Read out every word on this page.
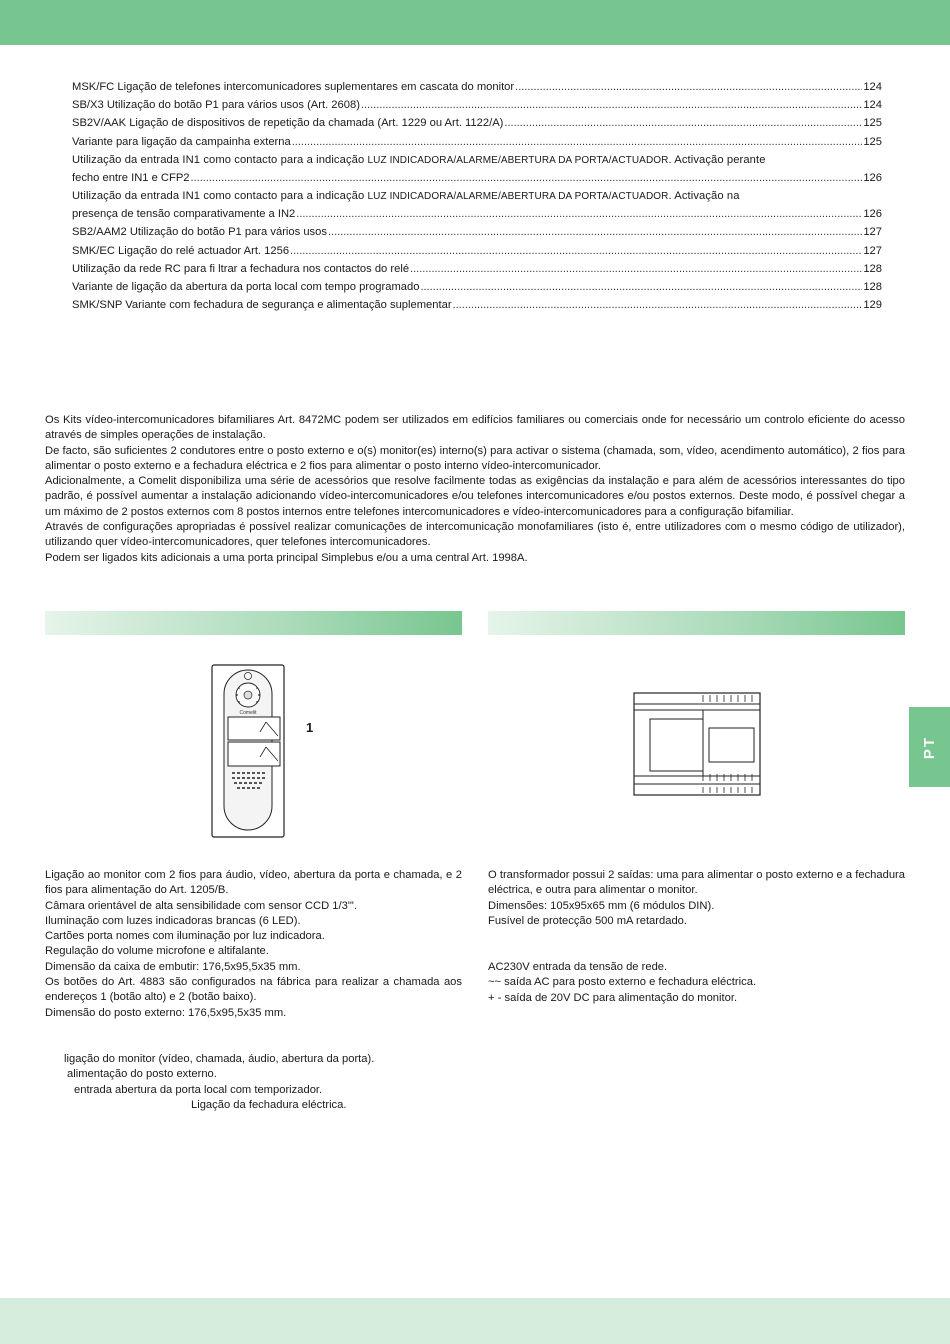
MSK/FC Ligação de telefones intercomunicadores suplementares em cascata do monitor .....	124
SB/X3 Utilização do botão P1 para vários usos (Art. 2608) .....	124
SB2V/AAK Ligação de dispositivos de repetição da chamada (Art. 1229 ou Art. 1122/A) .....	125
Variante para ligação da campainha externa .....	125
Utilização da entrada IN1 como contacto para a indicação LUZ INDICADORA/ALARME/ABERTURA DA PORTA/ACTUADOR. Activação perante
fecho entre IN1 e CFP2 .....	126
Utilização da entrada IN1 como contacto para a indicação LUZ INDICADORA/ALARME/ABERTURA DA PORTA/ACTUADOR. Activação na
presença de tensão comparativamente a IN2 .....	126
SB2/AAM2 Utilização do botão P1 para vários usos .....	127
SMK/EC Ligação do relé actuador Art. 1256 .....	127
Utilização da rede RC para fi ltrar a fechadura nos contactos do relé .....	128
Variante de ligação da abertura da porta local com tempo programado .....	128
SMK/SNP Variante com fechadura de segurança e alimentação suplementar .....	129

Os Kits vídeo-intercomunicadores bifamiliares Art. 8472MC podem ser utilizados em edifícios familiares ou comerciais onde for necessário um controlo eficiente do acesso através de simples operações de instalação.

De facto, são suficientes 2 condutores entre o posto externo e o(s) monitor(es) interno(s) para activar o sistema (chamada, som, vídeo, acendimento automático), 2 fios para alimentar o posto externo e a fechadura eléctrica e 2 fios para alimentar o posto interno vídeo-intercomunicador.

Adicionalmente, a Comelit disponibiliza uma série de acessórios que resolve facilmente todas as exigências da instalação e para além de acessórios interessantes do tipo padrão, é possível aumentar a instalação adicionando vídeo-intercomunicadores e/ou telefones intercomunicadores e/ou postos externos. Deste modo, é possível chegar a um máximo de 2 postos externos com 8 postos internos entre telefones intercomunicadores e vídeo-intercomunicadores para a configuração bifamiliar.

Através de configurações apropriadas é possível realizar comunicações de intercomunicação monofamiliares (isto é, entre utilizadores com o mesmo código de utilizador), utilizando quer vídeo-intercomunicadores, quer telefones intercomunicadores.

Podem ser ligados kits adicionais a uma porta principal Simplebus e/ou a uma central Art. 1998A.

PT
Comelit
1

Ligação ao monitor com 2 fios para áudio, vídeo, abertura da porta e chamada, e 2 fios para alimentação do Art. 1205/B.

Câmara orientável de alta sensibilidade com sensor CCD 1/3"'.

Iluminação com luzes indicadoras brancas (6 LED).

Cartões porta nomes com iluminação por luz indicadora.

Regulação do volume microfone e altifalante.

Dimensão da caixa de embutir: 176,5x95,5x35 mm.

Os botões do Art. 4883 são configurados na fábrica para realizar a chamada aos endereços 1 (botão alto) e 2 (botão baixo).

Dimensão do posto externo: 176,5x95,5x35 mm.

ligação do monitor (vídeo, chamada, áudio, abertura da porta).

alimentação do posto externo.

entrada abertura da porta local com temporizador.

Ligação da fechadura eléctrica.

O transformador possui 2 saídas: uma para alimentar o posto externo e a fechadura eléctrica, e outra para alimentar o monitor.

Dimensões: 105x95x65 mm (6 módulos DIN).

Fusível de protecção 500 mA retardado.

AC230V entrada da tensão de rede.

~~ saída AC para posto externo e fechadura eléctrica.

+ - saída de 20V DC para alimentação do monitor.
